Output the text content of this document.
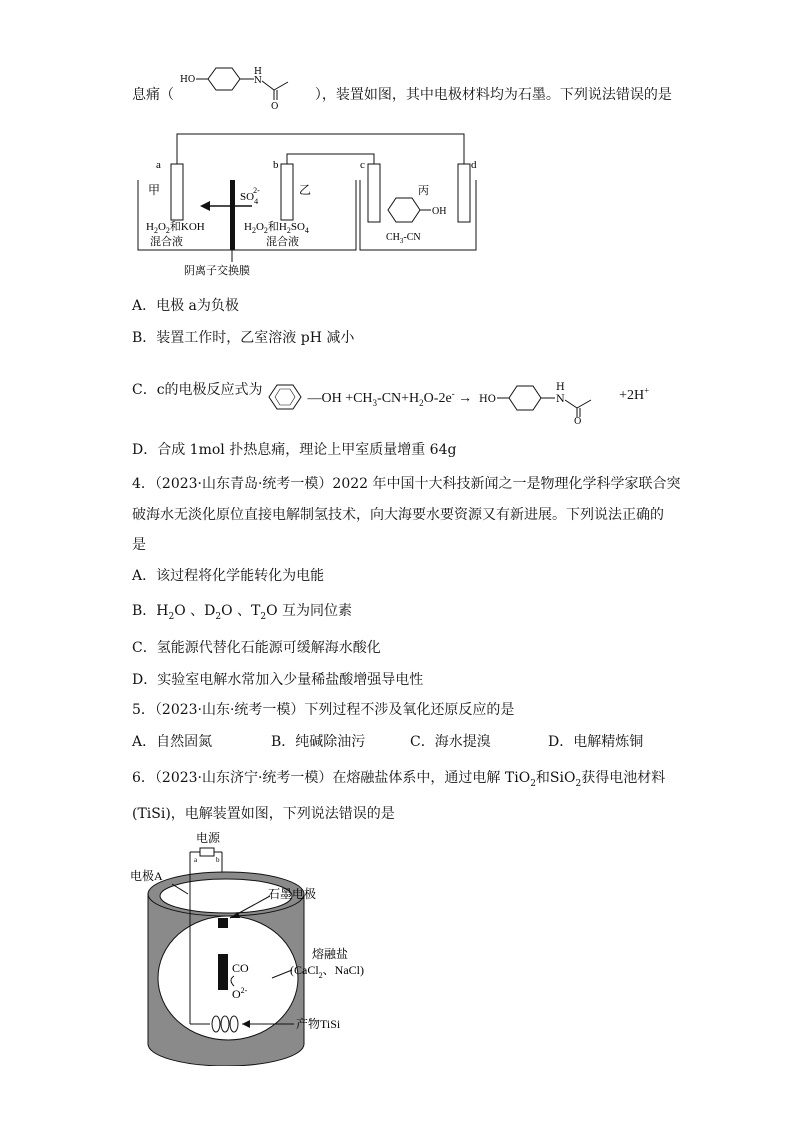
息痛（
HO
H
N
O
），装置如图，其中电极材料均为石墨。下列说法错误的是
a	b	c	d
甲	乙	丙
$SO_42-$
$H_2O_2$和KOH
混合液
$H_2O_2$和$H_2SO_4$
混合液
OH
$CH_3-CN$
阴离子交换膜
A．电极 a为负极
B．装置工作时，乙室溶液 pH 减小
C．c的电极反应式为  —OH $+CH_3-CN+H_2O-2e^-$ → HO
H
N
O
+2H+
D．合成 1mol 扑热息痛，理论上甲室质量增重 64g
4．（2023·山东青岛·统考一模）2022 年中国十大科技新闻之一是物理化学科学家联合突
破海水无淡化原位直接电解制氢技术，向大海要水要资源又有新进展。下列说法正确的
是
A．该过程将化学能转化为电能
B．$H_2O$ 、$D_2O$ 、$T_2O$ 互为同位素
C．氢能源代替化石能源可缓解海水酸化
D．实验室电解水常加入少量稀盐酸增强导电性
5．（2023·山东·统考一模）下列过程不涉及氧化还原反应的是
A．自然固氮	B．纯碱除油污	C．海水提溴	D．电解精炼铜
6．（2023·山东济宁·统考一模）在熔融盐体系中，通过电解 TiO$_2$和SiO$_2$获得电池材料
(TiSi)，电解装置如图，下列说法错误的是
电源
a	b
CO
$O^{2-}$
电极A
石墨电极
熔融盐
(CaCl$_2$、NaCl)
产物TiSi
